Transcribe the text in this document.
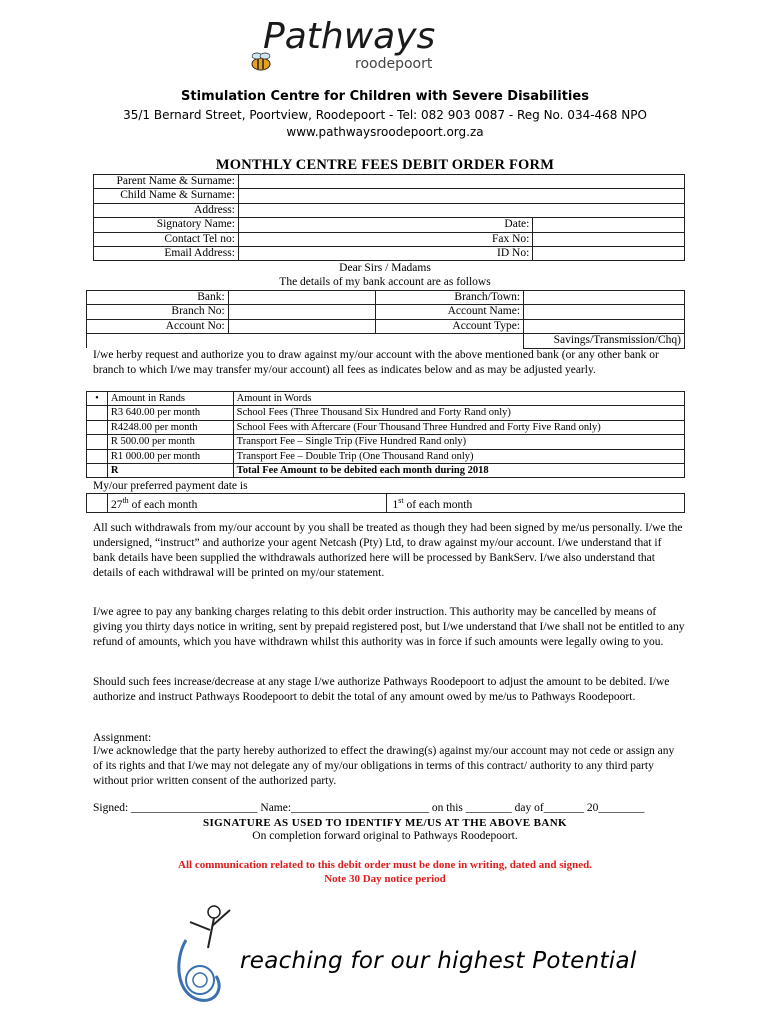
Pathways
roodepoort
Stimulation Centre for Children with Severe Disabilities
35/1 Bernard Street, Poortview, Roodepoort - Tel: 082 903 0087 - Reg No. 034-468 NPO
www.pathwaysroodepoort.org.za
MONTHLY CENTRE FEES DEBIT ORDER FORM
Parent Name & Surname:		
Child Name & Surname:		
Address:		
Signatory Name:	Date:	
Contact Tel no:	Fax No:	
Email Address:	ID No:	
Dear Sirs / Madams
The details of my bank account are as follows
Bank:		Branch/Town:	
Branch No:		Account Name:	
Account No:		Account Type:	
			Savings/Transmission/Chq)
I/we herby request and authorize you to draw against my/our account with the above mentioned bank (or any other bank or branch to which I/we may transfer my/our account) all fees as indicates below and as may be adjusted yearly.
•	Amount in Rands	Amount in Words
	R3 640.00 per month	School Fees (Three Thousand Six Hundred and Forty Rand only)
	R4248.00 per month	School Fees with Aftercare (Four Thousand Three Hundred and Forty Five Rand only)
	R 500.00 per month	Transport Fee – Single Trip (Five Hundred Rand only)
	R1 000.00 per month	Transport Fee – Double Trip (One Thousand Rand only)
	R	Total Fee Amount to be debited each month during 2018
My/our preferred payment date is
	27th of each month	1st of each month
All such withdrawals from my/our account by you shall be treated as though they had been signed by me/us personally. I/we the undersigned, “instruct” and authorize your agent Netcash (Pty) Ltd, to draw against my/our account. I/we understand that if bank details have been supplied the withdrawals authorized here will be processed by BankServ. I/we also understand that details of each withdrawal will be printed on my/our statement.
I/we agree to pay any banking charges relating to this debit order instruction. This authority may be cancelled by means of giving you thirty days notice in writing, sent by prepaid registered post, but I/we understand that I/we shall not be entitled to any refund of amounts, which you have withdrawn whilst this authority was in force if such amounts were legally owing to you.
Should such fees increase/decrease at any stage I/we authorize Pathways Roodepoort to adjust the amount to be debited. I/we authorize and instruct Pathways Roodepoort to debit the total of any amount owed by me/us to Pathways Roodepoort.
Assignment:
I/we acknowledge that the party hereby authorized to effect the drawing(s) against my/our account may not cede or assign any of its rights and that I/we may not delegate any of my/our obligations in terms of this contract/ authority to any third party without prior written consent of the authorized party.
Signed: ______________________ Name:________________________ on this ________ day of_______ 20________
SIGNATURE AS USED TO IDENTIFY ME/US AT THE ABOVE BANK
On completion forward original to Pathways Roodepoort.
All communication related to this debit order must be done in writing, dated and signed.
Note 30 Day notice period
reaching for our highest Potential
